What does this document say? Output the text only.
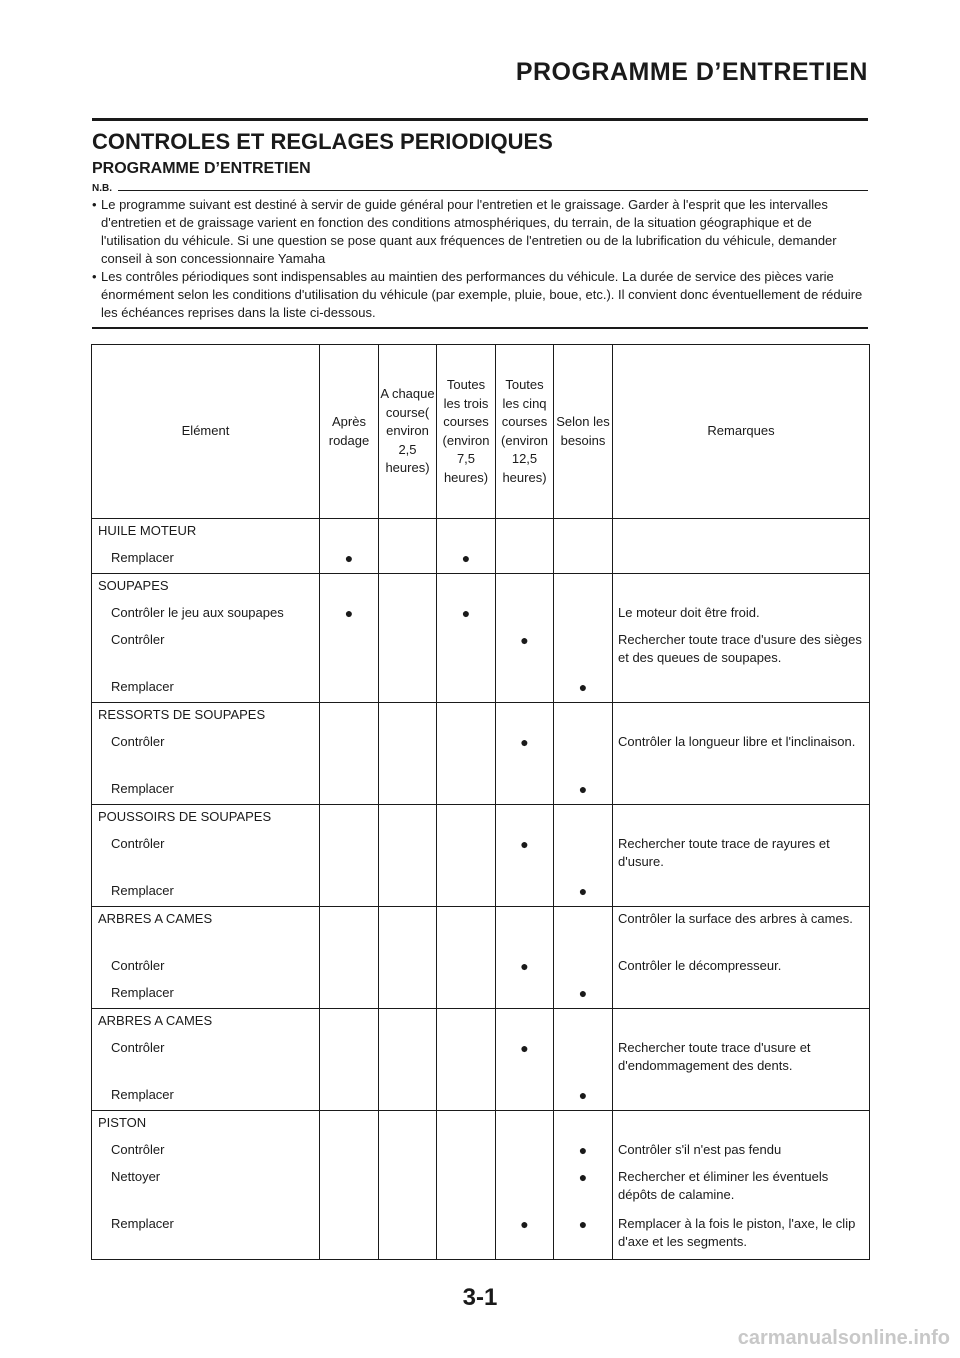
PROGRAMME D’ENTRETIEN
CONTROLES ET REGLAGES PERIODIQUES
PROGRAMME D’ENTRETIEN
N.B.
• Le programme suivant est destiné à servir de guide général pour l'entretien et le graissage. Garder à l'esprit que les intervalles d'entretien et de graissage varient en fonction des conditions atmosphériques, du terrain, de la situation géographique et de l'utilisation du véhicule. Si une question se pose quant aux fréquences de l'entretien ou de la lubrification du véhicule, demander conseil à son concessionnaire Yamaha
• Les contrôles périodiques sont indispensables au maintien des performances du véhicule. La durée de service des pièces varie énormément selon les conditions d'utilisation du véhicule (par exemple, pluie, boue, etc.). Il convient donc éventuellement de réduire les échéances reprises dans la liste ci-dessous.
Elément	Après rodage	A chaque course( environ 2,5 heures)	Toutes les trois courses (environ 7,5 heures)	Toutes les cinq courses (environ 12,5 heures)	Selon les besoins	Remarques
HUILE MOTEUR						
Remplacer	●		●			
SOUPAPES						
Contrôler le jeu aux soupapes	●		●			Le moteur doit être froid.
Contrôler				●		Rechercher toute trace d'usure des sièges et des queues de soupapes.
Remplacer					●	
RESSORTS DE SOUPAPES						
Contrôler				●		Contrôler la longueur libre et l'inclinaison.
Remplacer					●	
POUSSOIRS DE SOUPAPES						
Contrôler				●		Rechercher toute trace de rayures et d'usure.
Remplacer					●	
ARBRES A CAMES						Contrôler la surface des arbres à cames.
Contrôler				●		Contrôler le décompresseur.
Remplacer					●	
ARBRES A CAMES						
Contrôler				●		Rechercher toute trace d'usure et d'endommagement des dents.
Remplacer					●	
PISTON						
Contrôler					●	Contrôler s'il n'est pas fendu
Nettoyer					●	Rechercher et éliminer les éventuels dépôts de calamine.
Remplacer				●	●	Remplacer à la fois le piston, l'axe, le clip d'axe et les segments.
3-1
carmanualsonline.info
